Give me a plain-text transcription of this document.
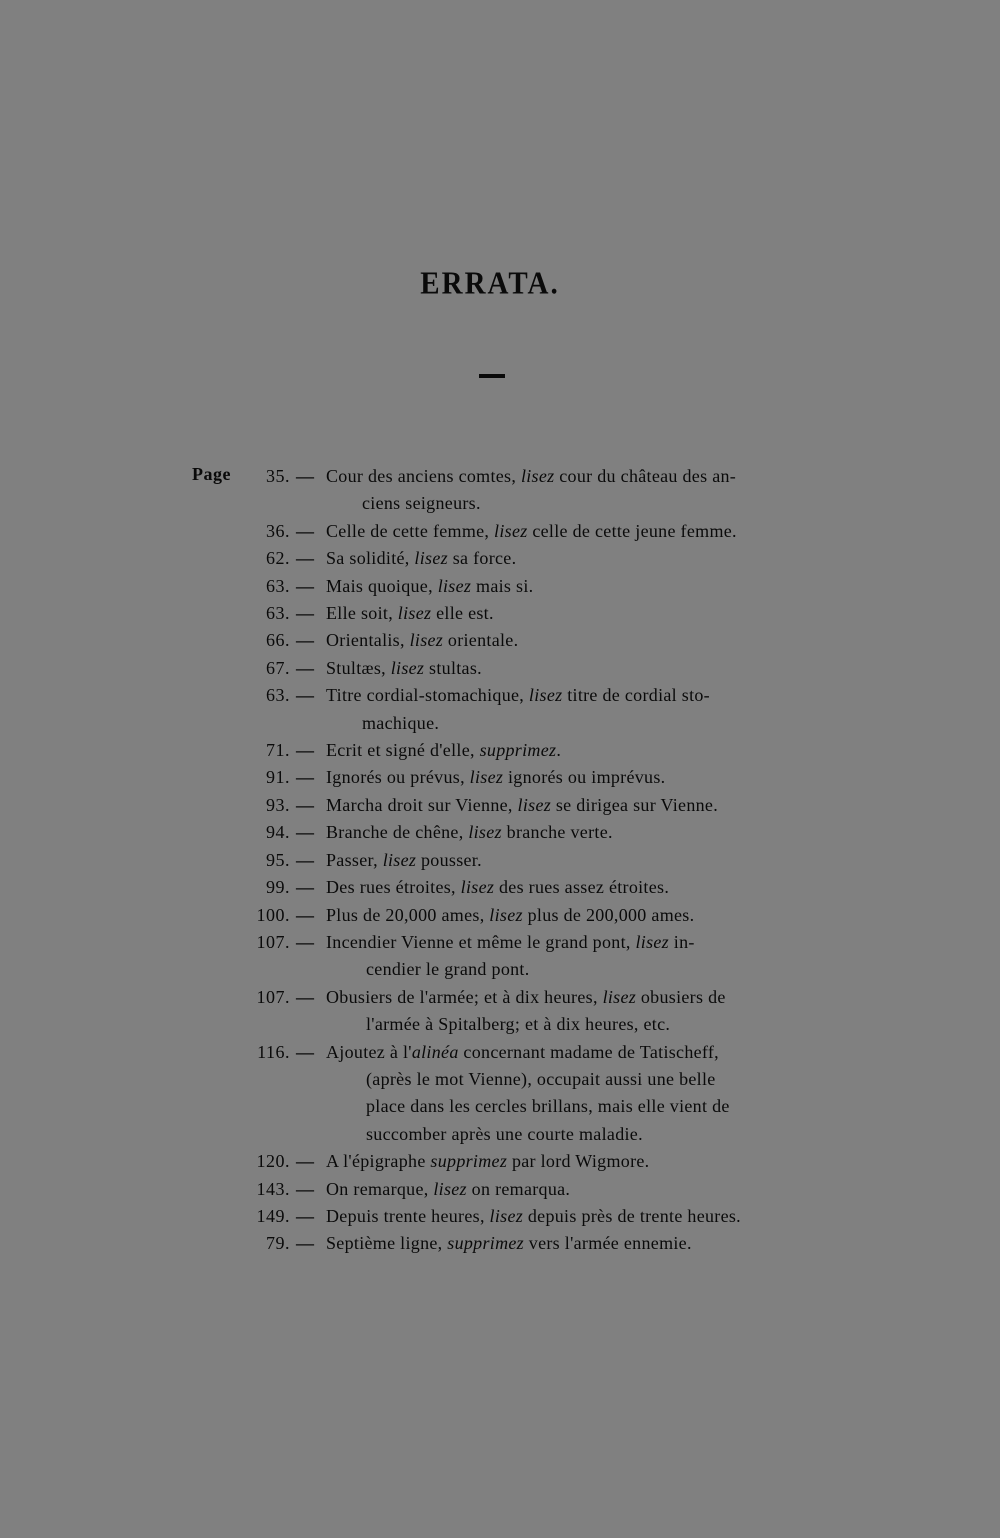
ERRATA.
Page	35. — Cour des anciens comtes, lisez cour du château des an-
ciens seigneurs.
36. — Celle de cette femme, lisez celle de cette jeune femme.
62. — Sa solidité, lisez sa force.
63. — Mais quoique, lisez mais si.
63. — Elle soit, lisez elle est.
66. — Orientalis, lisez orientale.
67. — Stultæs, lisez stultas.
63. — Titre cordial-stomachique, lisez titre de cordial sto-
machique.
71. — Ecrit et signé d'elle, supprimez.
91. — Ignorés ou prévus, lisez ignorés ou imprévus.
93. — Marcha droit sur Vienne, lisez se dirigea sur Vienne.
94. — Branche de chêne, lisez branche verte.
95. — Passer, lisez pousser.
99. — Des rues étroites, lisez des rues assez étroites.
100. — Plus de 20,000 ames, lisez plus de 200,000 ames.
107. — Incendier Vienne et même le grand pont, lisez in-
cendier le grand pont.
107. — Obusiers de l'armée; et à dix heures, lisez obusiers de
l'armée à Spitalberg; et à dix heures, etc.
116. — Ajoutez à l'alinéa concernant madame de Tatischeff,
(après le mot Vienne), occupait aussi une belle
place dans les cercles brillans, mais elle vient de
succomber après une courte maladie.
120. — A l'épigraphe supprimez par lord Wigmore.
143. — On remarque, lisez on remarqua.
149. — Depuis trente heures, lisez depuis près de trente heures.
79. — Septième ligne, supprimez vers l'armée ennemie.
